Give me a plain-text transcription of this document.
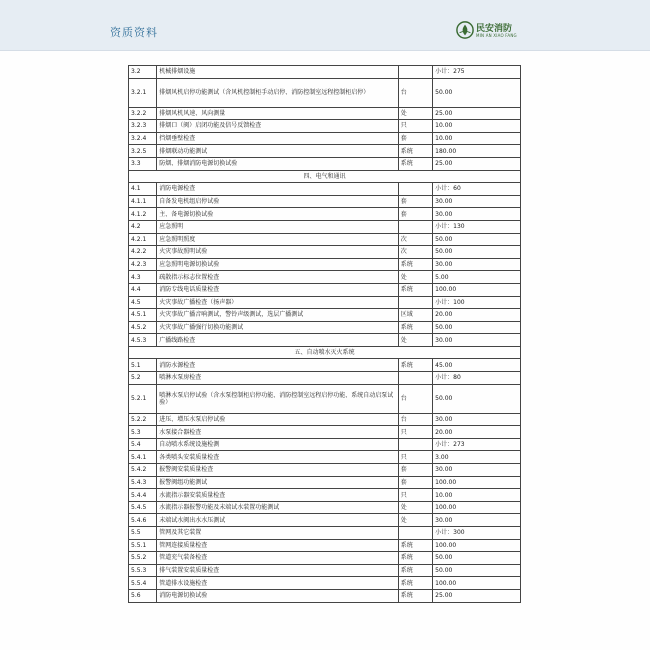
资质资料	民安消防
MIN AN XIAO FANG
3.2	机械排烟设施		小计：275
3.2.1	排烟风机启停功能测试（含风机控制柜手动启停、消防控制室远程控制柜启停）	台	50.00
3.2.2	排烟风机风速、风向测量	处	25.00
3.2.3	排烟口（阀）启闭功能及信号反馈检查	只	10.00
3.2.4	挡烟垂壁检查	套	10.00
3.2.5	排烟联动功能测试	系统	180.00
3.3	防烟、排烟消防电源切换试验	系统	25.00
四、电气和通讯			
4.1	消防电源检查		小计：60
4.1.1	自备发电机组启停试验	套	30.00
4.1.2	主、备电源切换试验	套	30.00
4.2	应急照明		小计：130
4.2.1	应急照明照度	次	50.00
4.2.2	火灾事故照明试验	次	50.00
4.2.3	应急照明电源切换试验	系统	30.00
4.3	疏散指示标志位置检查	处	5.00
4.4	消防专线电话质量检查	系统	100.00
4.5	火灾事故广播检查（扬声器）		小计：100
4.5.1	火灾事故广播音响测试，警铃声级测试，选层广播测试	区域	20.00
4.5.2	火灾事故广播强行切换功能测试	系统	50.00
4.5.3	广播线路检查	处	30.00
五、自动喷水灭火系统			
5.1	消防水源检查	系统	45.00
5.2	喷淋水泵房检查		小计：80
5.2.1	喷淋水泵启停试验（含水泵控制柜启停功能、消防控制室远程启停功能、系统自动启泵试验）	台	50.00
5.2.2	进压、增压水泵启停试验	台	30.00
5.3	水泵接合器检查	只	20.00
5.4	自动喷水系统设施检测		小计：273
5.4.1	各类喷头安装质量检查	只	3.00
5.4.2	报警阀安装质量检查	套	30.00
5.4.3	报警阀组功能测试	套	100.00
5.4.4	水流指示器安装质量检查	只	10.00
5.4.5	水流指示器报警功能及末端试水装置功能测试	处	100.00
5.4.6	末端试水阀出水水压测试	处	30.00
5.5	管网及其它装置		小计：300
5.5.1	管网连接质量检查	系统	100.00
5.5.2	管道充气装备检查	系统	50.00
5.5.3	排气装置安装质量检查	系统	50.00
5.5.4	管道排水设施检查	系统	100.00
5.6	消防电源切换试验	系统	25.00
